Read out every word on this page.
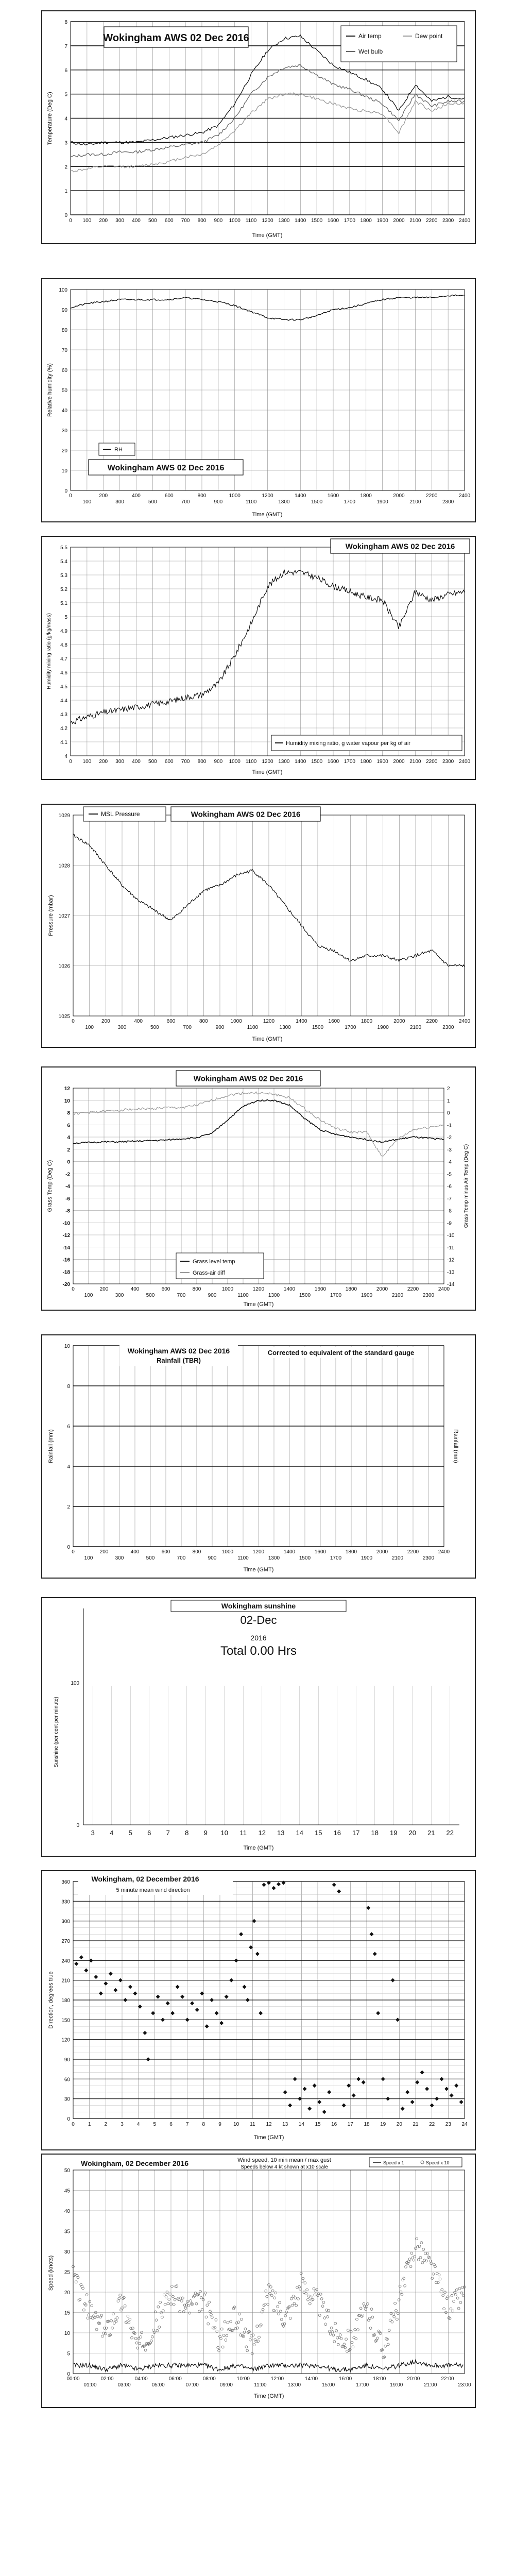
0
1
2
3
4
5
6
7
8
0 100 200 300 400 500 600 700 800 900 1000 1100 1200 1300 1400 1500 1600 1700 1800 1900 2000 2100 2200 2300 2400
Wokingham AWS 02 Dec 2016	Air temp	Dew point
Wet bulb
Time (GMT)
Temperature (Deg C)
0
10
20
30
40
50
60
70
80
90
100
0	200	400	600	800	1000	1200	1400	1600	1800	2000	2200	2400
100	300	500	700	900	1100	1300	1500	1700	1900	2100	2300
RH
Wokingham AWS 02 Dec 2016
Time (GMT)
Relative humidity (%)
4
4.1
4.2
4.3
4.4
4.5
4.6
4.7
4.8
4.9
5
5.1
5.2
5.3
5.4
5.5
0 100 200 300 400 500 600 700 800 900 1000 1100 1200 1300 1400 1500 1600 1700 1800 1900 2000 2100 2200 2300 2400
Wokingham AWS 02 Dec 2016
Humidity mixing ratio, g water vapour per kg of air
Time (GMT)
Humidity mixing ratio (g/kg/mass)
1025
1026
1027
1028
1029
0	200	400	600	800	1000	1200	1400	1600	1800	2000	2200	2400
100	300	500	700	900	1100	1300	1500	1700	1900	2100	2300
MSL Pressure	Wokingham AWS 02 Dec 2016
Time (GMT)
Pressure (mbar)
12
10
8
6
4
2
0
-2
-4
-6
-8
-10
-12
-14
-16
-18
-20
2
1
0
-1
-2
-3
-4
-5
-6
-7
-8
-9
-10
-11
-12
-13
-14
0	200	400	600	800	1000	1200	1400	1600	1800	2000	2200	2400
100	300	500	700	900	1100	1300	1500	1700	1900	2100	2300
Wokingham AWS 02 Dec 2016
Grass level temp
Grass-air diff
Time (GMT)
Grass Temp (Deg C)	Grass Temp minus Air Temp (Deg C)
0
2
4
6
8
10
0	200	400	600	800	1000	1200	1400	1600	1800	2000	2200	2400
100	300	500	700	900	1100	1300	1500	1700	1900	2100	2300
Wokingham AWS 02 Dec 2016
Rainfall (TBR)
Corrected to equivalent of the standard gauge
Time (GMT)
Rainfall (mm)	Rainfall (mm)
3 4 5 6 7 8 9 10 11 12 13 14 15 16 17 18 19 20 21 22
0
100
Wokingham sunshine
02-Dec
2016
Total 0.00 Hrs
Time (GMT)
Sunshine (per cent per minute)
0
30
60
90
120
150
180
210
240
270
300
330
360
0	1	2	3	4	5	6	7	8	9 10 11 12 13 14 15 16 17 18 19 20 21 22 23 24
Wokingham, 02 December 2016
5 minute mean wind direction
Time (GMT)
Direction, degrees true
0
5
10
15
20
25
30
35
40
45
50
00:00	02:00	04:00	06:00	08:00	10:00	12:00	14:00	16:00	18:00	20:00	22:00
01:00	03:00	05:00	07:00	09:00	11:00	13:00	15:00	17:00	19:00	21:00	23:00
Wokingham, 02 December 2016	Wind speed, 10 min mean / max gust
Speeds below 4 kt shown at x10 scale
Speed x 1	Speed x 10
Time (GMT)
Speed (knots)
